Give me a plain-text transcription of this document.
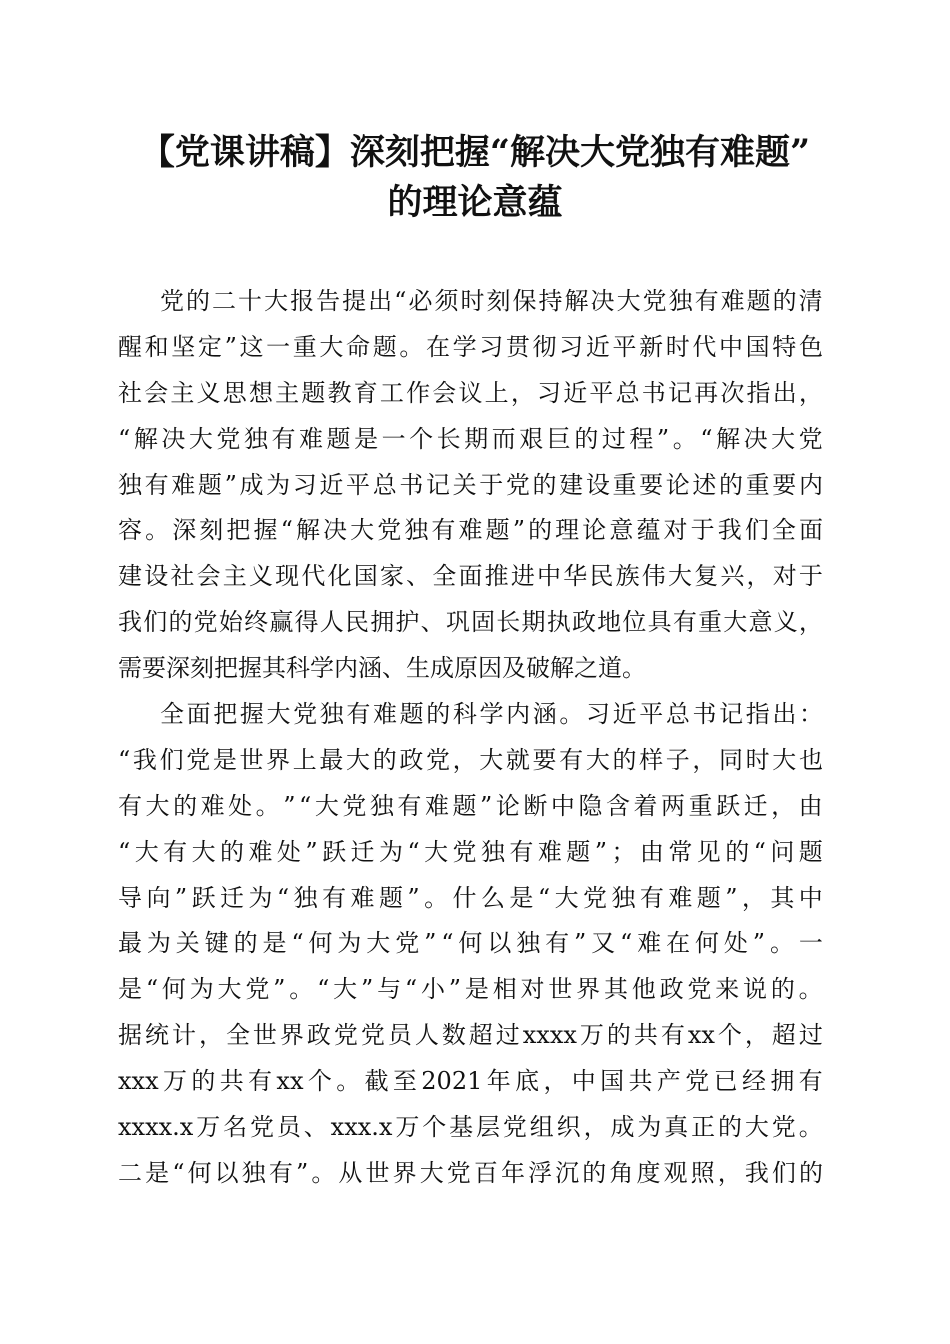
【党课讲稿】深刻把握“解决大党独有难题”
的理论意蕴
党 的 二 十 大 报 告 提 出 “ 必 须 时 刻 保 持 解 决 大 党 独 有 难 题 的 清
醒 和 坚 定 ” 这 一 重 大 命 题 。 在 学 习 贯 彻 习 近 平 新 时 代 中 国 特 色
社 会 主 义 思 想 主 题 教 育 工 作 会 议 上 ， 习 近 平 总 书 记 再 次 指 出 ，
“ 解 决 大 党 独 有 难 题 是 一 个 长 期 而 艰 巨 的 过 程 ” 。 “ 解 决 大 党
独 有 难 题 ” 成 为 习 近 平 总 书 记 关 于 党 的 建 设 重 要 论 述 的 重 要 内
容 。 深 刻 把 握 “ 解 决 大 党 独 有 难 题 ” 的 理 论 意 蕴 对 于 我 们 全 面
建 设 社 会 主 义 现 代 化 国 家 、 全 面 推 进 中 华 民 族 伟 大 复 兴 ， 对 于
我 们 的 党 始 终 赢 得 人 民 拥 护 、 巩 固 长 期 执 政 地 位 具 有 重 大 意 义 ，
需要深刻把握其科学内涵、生成原因及破解之道。
全 面 把 握 大 党 独 有 难 题 的 科 学 内 涵 。 习 近 平 总 书 记 指 出 ：
“ 我 们 党 是 世 界 上 最 大 的 政 党 ， 大 就 要 有 大 的 样 子 ， 同 时 大 也
有 大 的 难 处 。 ” “ 大 党 独 有 难 题 ” 论 断 中 隐 含 着 两 重 跃 迁 ， 由
“ 大 有 大 的 难 处 ” 跃 迁 为 “ 大 党 独 有 难 题 ” ； 由 常 见 的 “ 问 题
导 向 ” 跃 迁 为 “ 独 有 难 题 ” 。 什 么 是 “ 大 党 独 有 难 题 ” ， 其 中
最 为 关 键 的 是 “ 何 为 大 党 ” “ 何 以 独 有 ” 又 “ 难 在 何 处 ” 。 一
是 “ 何 为 大 党 ” 。 “ 大 ” 与 “ 小 ” 是 相 对 世 界 其 他 政 党 来 说 的 。
据 统 计 ， 全 世 界 政 党 党 员 人 数 超 过 xxxx 万 的 共 有 xx 个 ， 超 过
xxx 万 的 共 有 xx 个 。 截 至 2021 年 底 ， 中 国 共 产 党 已 经 拥 有
xxxx.x 万 名 党 员 、 xxx.x 万 个 基 层 党 组 织 ， 成 为 真 正 的 大 党 。
二 是 “ 何 以 独 有 ” 。 从 世 界 大 党 百 年 浮 沉 的 角 度 观 照 ， 我 们 的
